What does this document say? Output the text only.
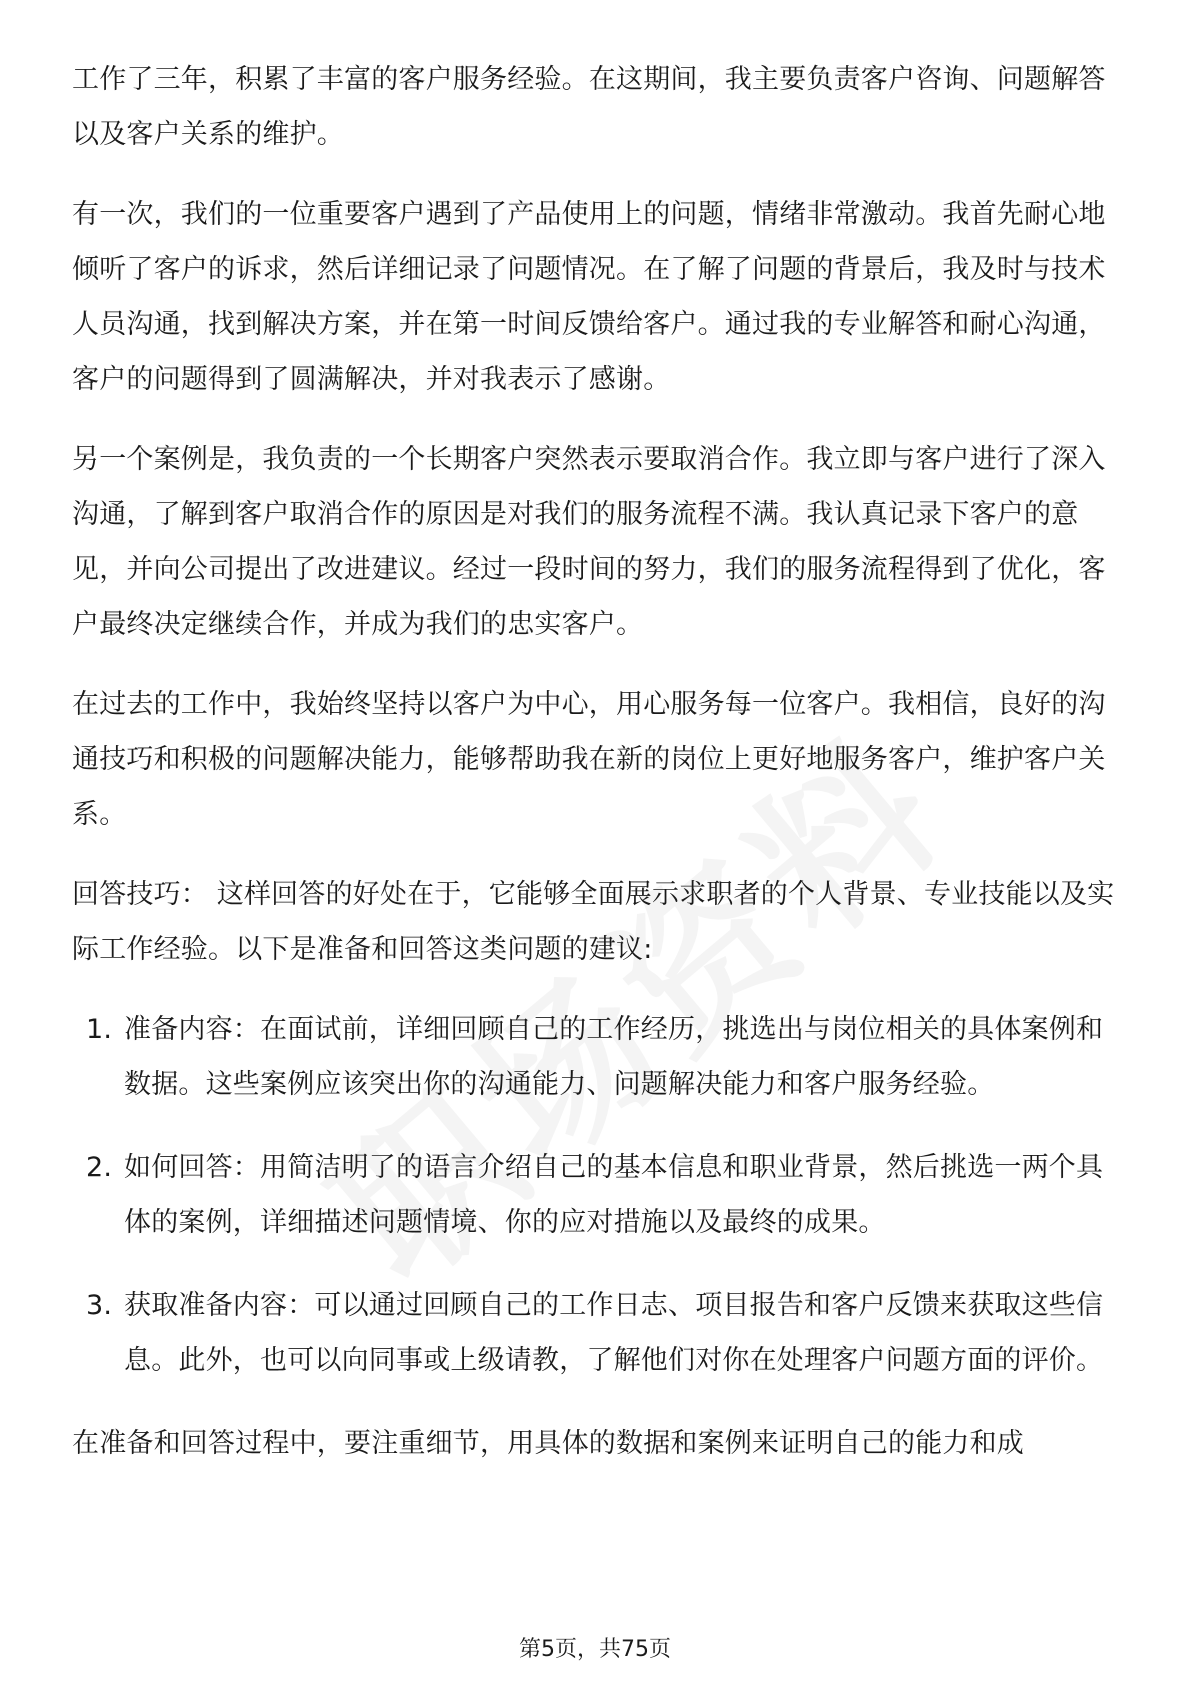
工作了三年，积累了丰富的客户服务经验。在这期间，我主要负责客户咨询、问题解答以及客户关系的维护。

有一次，我们的一位重要客户遇到了产品使用上的问题，情绪非常激动。我首先耐心地倾听了客户的诉求，然后详细记录了问题情况。在了解了问题的背景后，我及时与技术人员沟通，找到解决方案，并在第一时间反馈给客户。通过我的专业解答和耐心沟通，客户的问题得到了圆满解决，并对我表示了感谢。

另一个案例是，我负责的一个长期客户突然表示要取消合作。我立即与客户进行了深入沟通，了解到客户取消合作的原因是对我们的服务流程不满。我认真记录下客户的意见，并向公司提出了改进建议。经过一段时间的努力，我们的服务流程得到了优化，客户最终决定继续合作，并成为我们的忠实客户。

在过去的工作中，我始终坚持以客户为中心，用心服务每一位客户。我相信，良好的沟通技巧和积极的问题解决能力，能够帮助我在新的岗位上更好地服务客户，维护客户关系。

回答技巧： 这样回答的好处在于，它能够全面展示求职者的个人背景、专业技能以及实际工作经验。以下是准备和回答这类问题的建议:

1. 准备内容：在面试前，详细回顾自己的工作经历，挑选出与岗位相关的具体案例和数据。这些案例应该突出你的沟通能力、问题解决能力和客户服务经验。
2. 如何回答：用简洁明了的语言介绍自己的基本信息和职业背景，然后挑选一两个具体的案例，详细描述问题情境、你的应对措施以及最终的成果。
3. 获取准备内容：可以通过回顾自己的工作日志、项目报告和客户反馈来获取这些信息。此外，也可以向同事或上级请教，了解他们对你在处理客户问题方面的评价。

在准备和回答过程中，要注重细节，用具体的数据和案例来证明自己的能力和成

第5页，共75页
